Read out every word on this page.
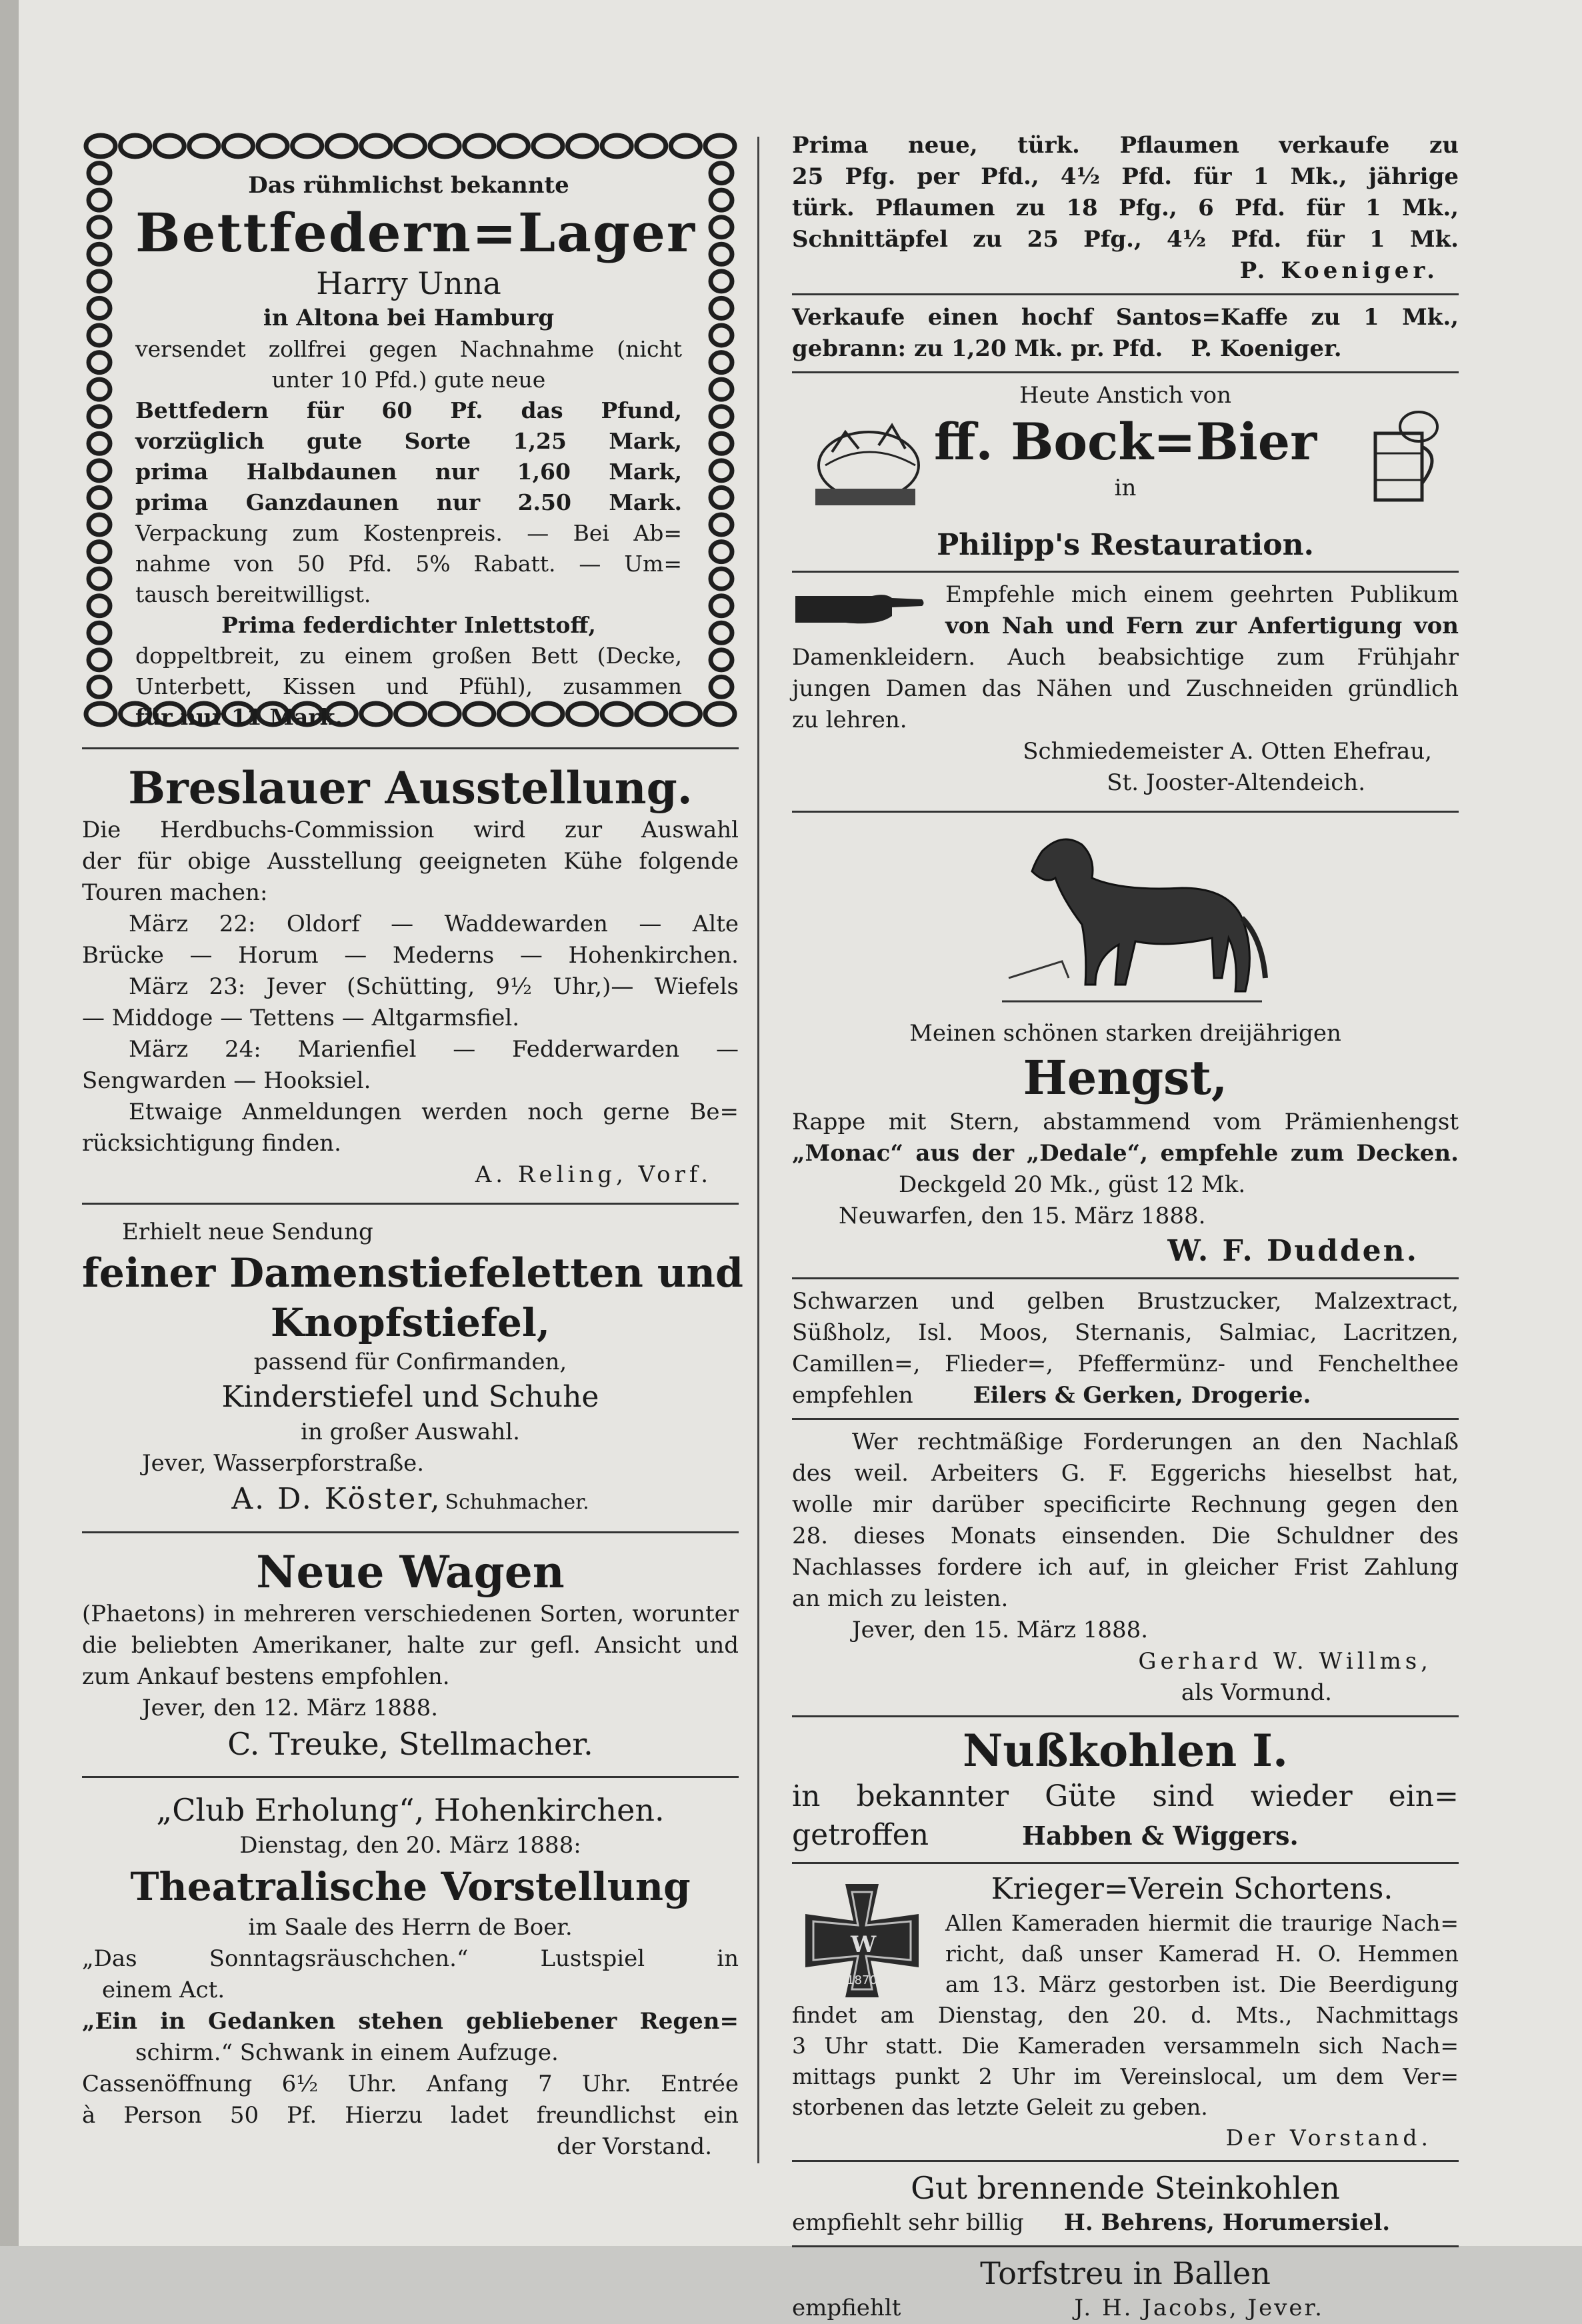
Das rühmlichst bekannte

Bettfedern=Lager

Harry Unna

in Altona bei Hamburg

versendet zollfrei gegen Nachnahme (nicht

unter 10 Pfd.) gute neue

Bettfedern für 60 Pf. das Pfund,

vorzüglich gute Sorte 1,25 Mark,

prima Halbdaunen nur 1,60 Mark,

prima Ganzdaunen nur 2.50 Mark.

Verpackung zum Kostenpreis. — Bei Ab=

nahme von 50 Pfd. 5% Rabatt. — Um=

tausch bereitwilligst.

Prima federdichter Inlettstoff,

doppeltbreit, zu einem großen Bett (Decke,

Unterbett, Kissen und Pfühl), zusammen

für nur 11 Mark.

Breslauer Ausstellung.

Die Herdbuchs-Commission wird zur Auswahl

der für obige Ausstellung geeigneten Kühe folgende

Touren machen:

März 22: Oldorf — Waddewarden — Alte

Brücke — Horum — Mederns — Hohenkirchen.

März 23: Jever (Schütting, 9½ Uhr,)— Wiefels

— Middoge — Tettens — Altgarmsfiel.

März 24: Marienfiel — Fedderwarden —

Sengwarden — Hooksiel.

Etwaige Anmeldungen werden noch gerne Be=

rücksichtigung finden.

A. Reling, Vorf.

Erhielt neue Sendung

feiner Damenstiefeletten und

Knopfstiefel,

passend für Confirmanden,

Kinderstiefel und Schuhe

in großer Auswahl.

Jever, Wasserpforstraße.

A. D. Köster, Schuhmacher.

Neue Wagen

(Phaetons) in mehreren verschiedenen Sorten, worunter

die beliebten Amerikaner, halte zur gefl. Ansicht und

zum Ankauf bestens empfohlen.

Jever, den 12. März 1888.

C. Treuke, Stellmacher.

„Club Erholung“, Hohenkirchen.

Dienstag, den 20. März 1888:

Theatralische Vorstellung

im Saale des Herrn de Boer.

„Das Sonntagsräuschchen.“ Lustspiel in

einem Act.

„Ein in Gedanken stehen gebliebener Regen=

schirm.“ Schwank in einem Aufzuge.

Cassenöffnung 6½ Uhr. Anfang 7 Uhr. Entrée

à Person 50 Pf. Hierzu ladet freundlichst ein

der Vorstand.

Prima neue, türk. Pflaumen verkaufe zu

25 Pfg. per Pfd., 4½ Pfd. für 1 Mk., jährige

türk. Pflaumen zu 18 Pfg., 6 Pfd. für 1 Mk.,

Schnittäpfel zu 25 Pfg., 4½ Pfd. für 1 Mk.

P. Koeniger.

Verkaufe einen hochf Santos=Kaffe zu 1 Mk.,

gebrann: zu 1,20 Mk. pr. Pfd. P. Koeniger.

Heute Anstich von

ff. Bock=Bier

in

Philipp's Restauration.

Empfehle mich einem geehrten Publikum

von Nah und Fern zur Anfertigung von

Damenkleidern. Auch beabsichtige zum Frühjahr

jungen Damen das Nähen und Zuschneiden gründlich

zu lehren.

Schmiedemeister A. Otten Ehefrau,

St. Jooster-Altendeich.

Meinen schönen starken dreijährigen

Hengst,

Rappe mit Stern, abstammend vom Prämienhengst

„Monac“ aus der „Dedale“, empfehle zum Decken.

Deckgeld 20 Mk., güst 12 Mk.

Neuwarfen, den 15. März 1888.

W. F. Dudden.

Schwarzen und gelben Brustzucker, Malzextract,

Süßholz, Isl. Moos, Sternanis, Salmiac, Lacritzen,

Camillen=, Flieder=, Pfeffermünz- und Fenchelthee

empfehlen	Eilers & Gerken, Drogerie.

Wer rechtmäßige Forderungen an den Nachlaß

des weil. Arbeiters G. F. Eggerichs hieselbst hat,

wolle mir darüber specificirte Rechnung gegen den

28. dieses Monats einsenden. Die Schuldner des

Nachlasses fordere ich auf, in gleicher Frist Zahlung

an mich zu leisten.

Jever, den 15. März 1888.

Gerhard W. Willms,

als Vormund.

Nußkohlen I.

in bekannter Güte sind wieder ein=

getroffen	Habben & Wiggers.

W
1870

Krieger=Verein Schortens.

Allen Kameraden hiermit die traurige Nach=

richt, daß unser Kamerad H. O. Hemmen

am 13. März gestorben ist. Die Beerdigung

findet am Dienstag, den 20. d. Mts., Nachmittags

3 Uhr statt. Die Kameraden versammeln sich Nach=

mittags punkt 2 Uhr im Vereinslocal, um dem Ver=

storbenen das letzte Geleit zu geben.

Der Vorstand.

Gut brennende Steinkohlen

empfiehlt sehr billig H. Behrens, Horumersiel.

Torfstreu in Ballen

empfiehlt	J. H. Jacobs, Jever.
